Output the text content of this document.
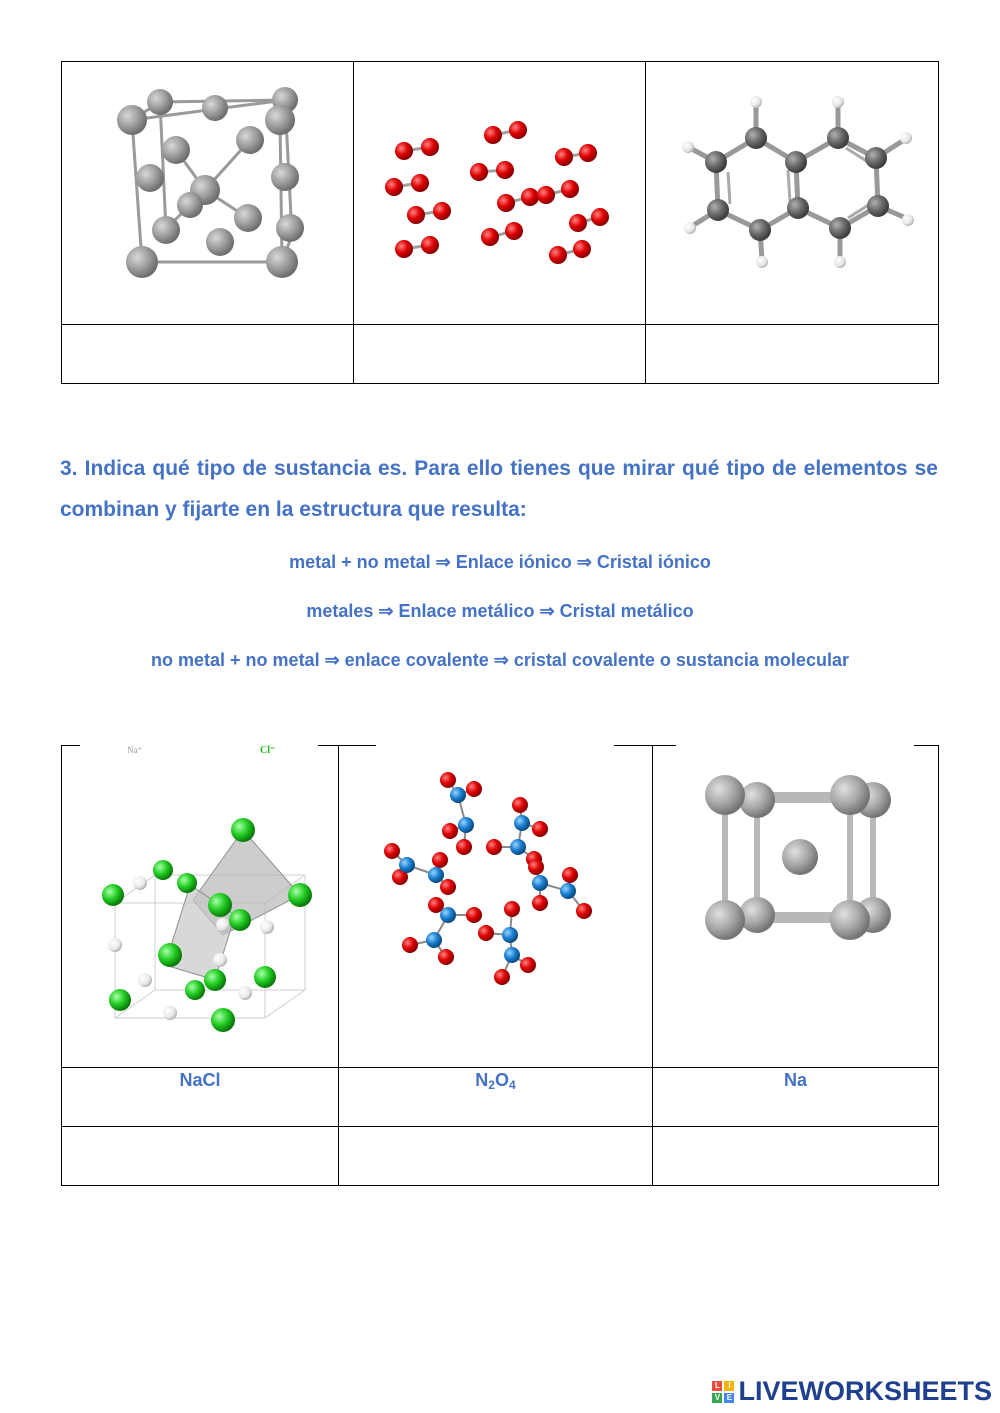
3. Indica qué tipo de sustancia es. Para ello tienes que mirar qué tipo de elementos se combinan y fijarte en la estructura que resulta:
metal + no metal ⇒ Enlace iónico ⇒ Cristal iónico
metales ⇒ Enlace metálico ⇒ Cristal metálico
no metal + no metal ⇒ enlace covalente ⇒ cristal covalente o sustancia molecular
Na⁺	Cl⁻
NaCl	$N_2O_4$	Na
L	I
V E LIVEWORKSHEETS
